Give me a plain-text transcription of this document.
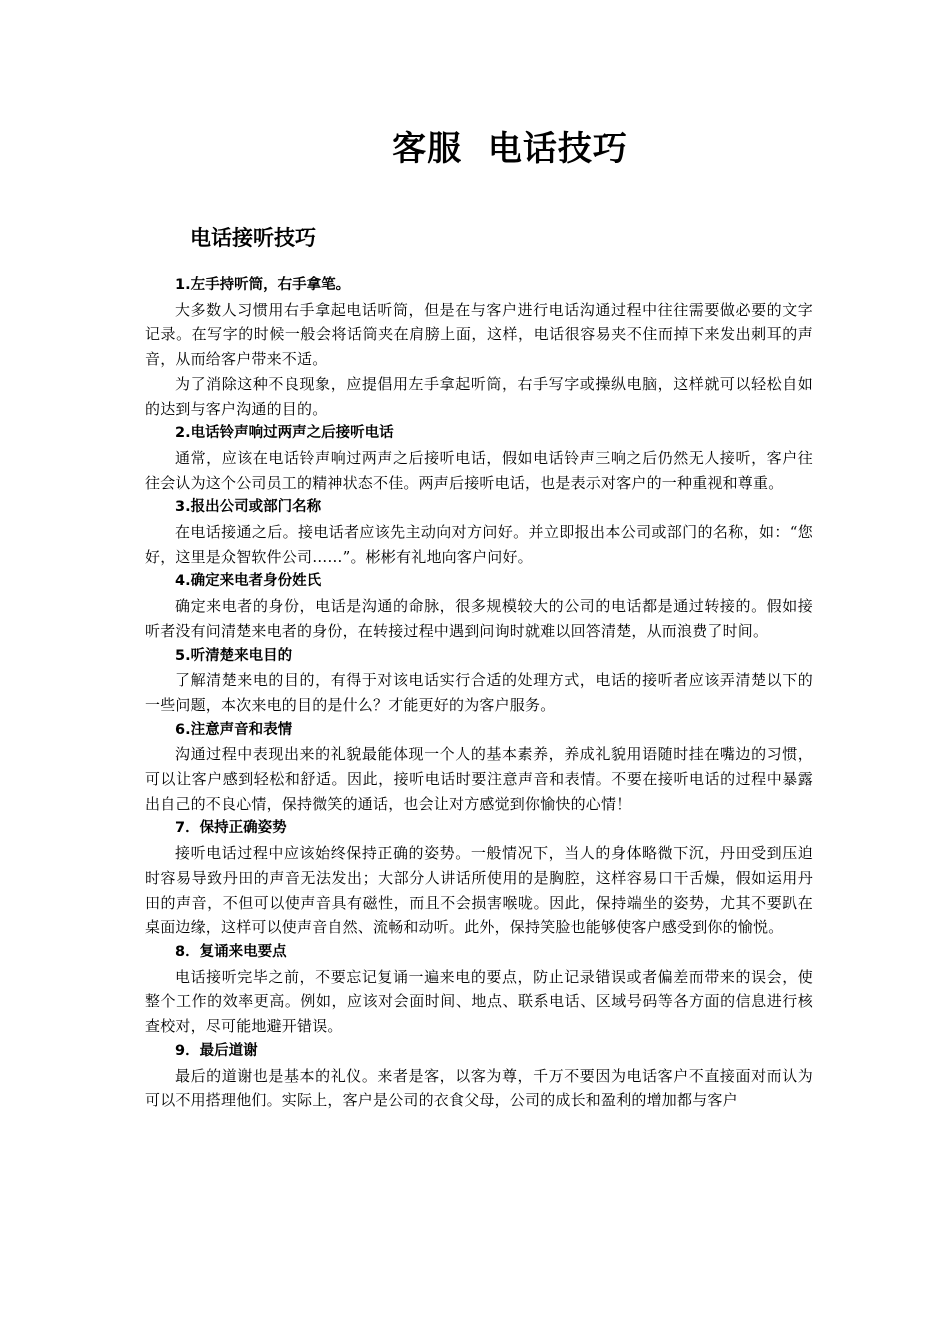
客服  电话技巧
电话接听技巧

1.左手持听筒，右手拿笔。

大多数人习惯用右手拿起电话听筒，但是在与客户进行电话沟通过程中往往需要做必要的文字记录。在写字的时候一般会将话筒夹在肩膀上面，这样，电话很容易夹不住而掉下来发出刺耳的声音，从而给客户带来不适。

为了消除这种不良现象，应提倡用左手拿起听筒，右手写字或操纵电脑，这样就可以轻松自如的达到与客户沟通的目的。

2.电话铃声响过两声之后接听电话

通常，应该在电话铃声响过两声之后接听电话，假如电话铃声三响之后仍然无人接听，客户往往会认为这个公司员工的精神状态不佳。两声后接听电话，也是表示对客户的一种重视和尊重。

3.报出公司或部门名称

在电话接通之后。接电话者应该先主动向对方问好。并立即报出本公司或部门的名称，如：“您好，这里是众智软件公司……”。彬彬有礼地向客户问好。

4.确定来电者身份姓氏

确定来电者的身份，电话是沟通的命脉，很多规模较大的公司的电话都是通过转接的。假如接听者没有问清楚来电者的身份，在转接过程中遇到问询时就难以回答清楚，从而浪费了时间。

5.听清楚来电目的

了解清楚来电的目的，有得于对该电话实行合适的处理方式，电话的接听者应该弄清楚以下的一些问题，本次来电的目的是什么？才能更好的为客户服务。

6.注意声音和表情

沟通过程中表现出来的礼貌最能体现一个人的基本素养，养成礼貌用语随时挂在嘴边的习惯，可以让客户感到轻松和舒适。因此，接听电话时要注意声音和表情。不要在接听电话的过程中暴露出自己的不良心情，保持微笑的通话，也会让对方感觉到你愉快的心情！

7．保持正确姿势

接听电话过程中应该始终保持正确的姿势。一般情况下，当人的身体略微下沉，丹田受到压迫时容易导致丹田的声音无法发出；大部分人讲话所使用的是胸腔，这样容易口干舌燥，假如运用丹田的声音，不但可以使声音具有磁性，而且不会损害喉咙。因此，保持端坐的姿势，尤其不要趴在桌面边缘，这样可以使声音自然、流畅和动听。此外，保持笑脸也能够使客户感受到你的愉悦。

8．复诵来电要点

电话接听完毕之前，不要忘记复诵一遍来电的要点，防止记录错误或者偏差而带来的误会，使整个工作的效率更高。例如，应该对会面时间、地点、联系电话、区域号码等各方面的信息进行核查校对，尽可能地避开错误。

9．最后道谢

最后的道谢也是基本的礼仪。来者是客，以客为尊，千万不要因为电话客户不直接面对而认为可以不用搭理他们。实际上，客户是公司的衣食父母，公司的成长和盈利的增加都与客户
